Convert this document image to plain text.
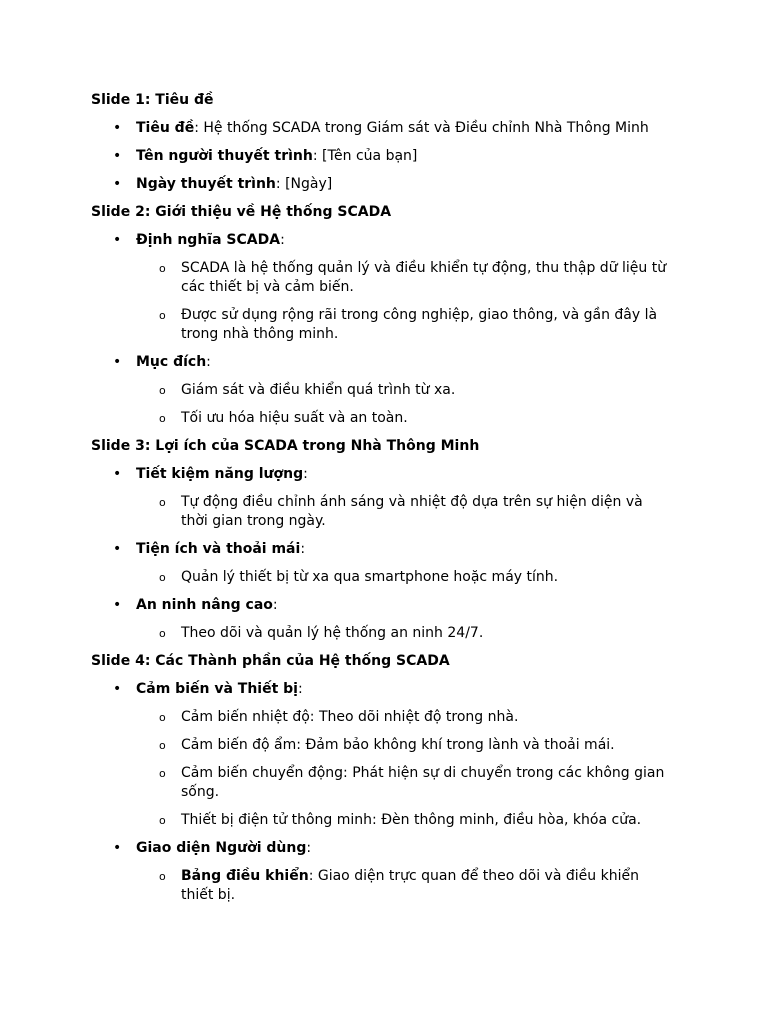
Slide 1: Tiêu đề
• Tiêu đề: Hệ thống SCADA trong Giám sát và Điều chỉnh Nhà Thông Minh
• Tên người thuyết trình: [Tên của bạn]
• Ngày thuyết trình: [Ngày]
Slide 2: Giới thiệu về Hệ thống SCADA
• Định nghĩa SCADA:
o SCADA là hệ thống quản lý và điều khiển tự động, thu thập dữ liệu từ các thiết bị và cảm biến.
o Được sử dụng rộng rãi trong công nghiệp, giao thông, và gần đây là trong nhà thông minh.
• Mục đích:
o Giám sát và điều khiển quá trình từ xa.
o Tối ưu hóa hiệu suất và an toàn.
Slide 3: Lợi ích của SCADA trong Nhà Thông Minh
• Tiết kiệm năng lượng:
o Tự động điều chỉnh ánh sáng và nhiệt độ dựa trên sự hiện diện và thời gian trong ngày.
• Tiện ích và thoải mái:
o Quản lý thiết bị từ xa qua smartphone hoặc máy tính.
• An ninh nâng cao:
o Theo dõi và quản lý hệ thống an ninh 24/7.
Slide 4: Các Thành phần của Hệ thống SCADA
• Cảm biến và Thiết bị:
o Cảm biến nhiệt độ: Theo dõi nhiệt độ trong nhà.
o Cảm biến độ ẩm: Đảm bảo không khí trong lành và thoải mái.
o Cảm biến chuyển động: Phát hiện sự di chuyển trong các không gian sống.
o Thiết bị điện tử thông minh: Đèn thông minh, điều hòa, khóa cửa.
• Giao diện Người dùng:
o Bảng điều khiển: Giao diện trực quan để theo dõi và điều khiển thiết bị.
